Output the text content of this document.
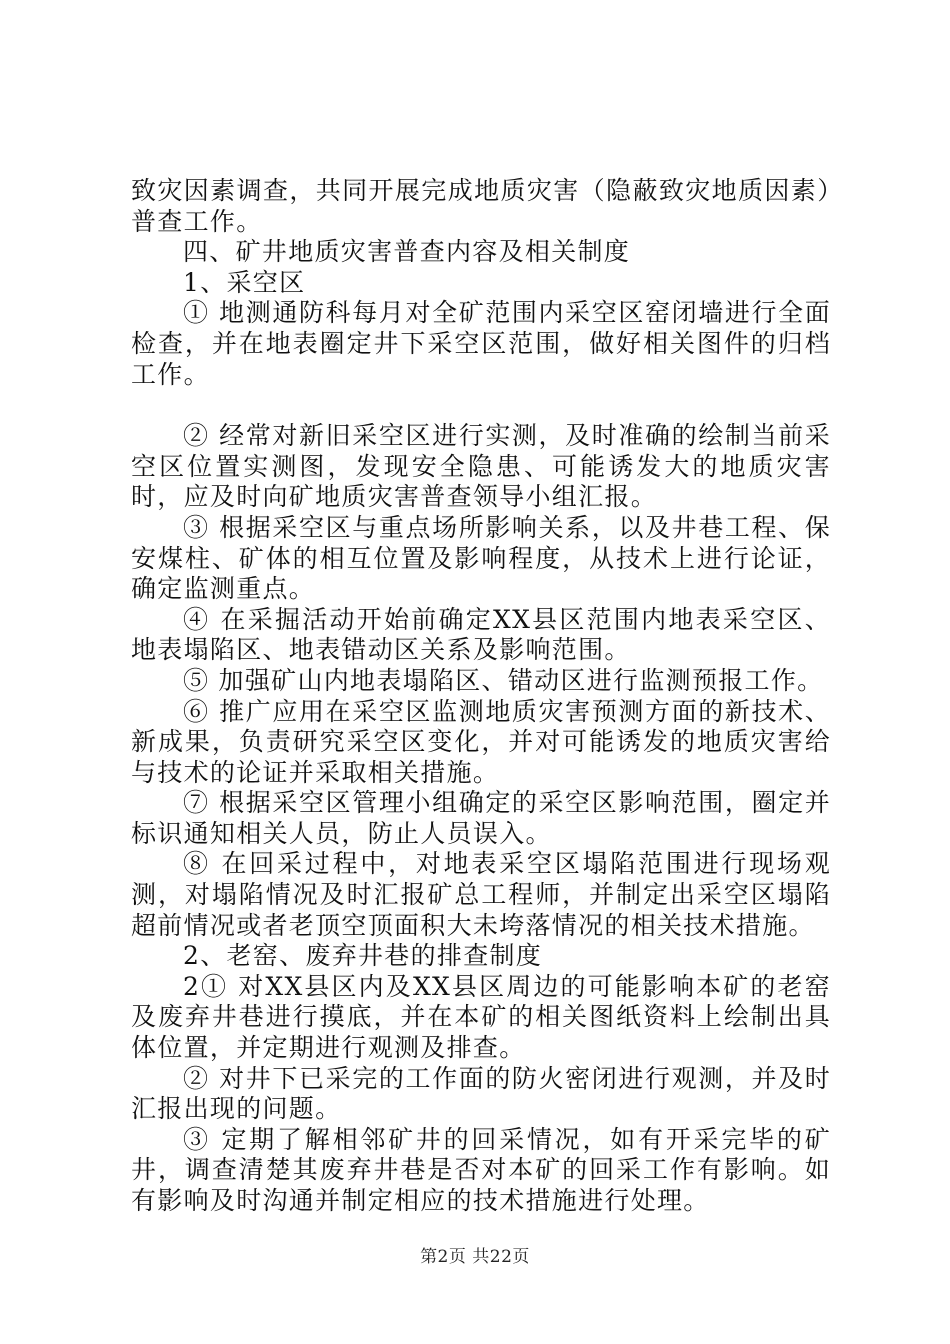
致灾因素调查，共同开展完成地质灾害（隐蔽致灾地质因素）普查工作。

四、矿井地质灾害普查内容及相关制度

1、采空区

① 地测通防科每月对全矿范围内采空区窑闭墙进行全面检查，并在地表圈定井下采空区范围，做好相关图件的归档工作。

② 经常对新旧采空区进行实测，及时准确的绘制当前采空区位置实测图，发现安全隐患、可能诱发大的地质灾害时，应及时向矿地质灾害普查领导小组汇报。

③ 根据采空区与重点场所影响关系，以及井巷工程、保安煤柱、矿体的相互位置及影响程度，从技术上进行论证，确定监测重点。

④ 在采掘活动开始前确定XX县区范围内地表采空区、地表塌陷区、地表错动区关系及影响范围。

⑤ 加强矿山内地表塌陷区、错动区进行监测预报工作。

⑥ 推广应用在采空区监测地质灾害预测方面的新技术、新成果，负责研究采空区变化，并对可能诱发的地质灾害给与技术的论证并采取相关措施。

⑦ 根据采空区管理小组确定的采空区影响范围，圈定并标识通知相关人员，防止人员误入。

⑧ 在回采过程中，对地表采空区塌陷范围进行现场观测，对塌陷情况及时汇报矿总工程师，并制定出采空区塌陷超前情况或者老顶空顶面积大未垮落情况的相关技术措施。

2、老窑、废弃井巷的排查制度

2① 对XX县区内及XX县区周边的可能影响本矿的老窑及废弃井巷进行摸底，并在本矿的相关图纸资料上绘制出具体位置，并定期进行观测及排查。

② 对井下已采完的工作面的防火密闭进行观测，并及时汇报出现的问题。

③ 定期了解相邻矿井的回采情况，如有开采完毕的矿井，调查清楚其废弃井巷是否对本矿的回采工作有影响。如有影响及时沟通并制定相应的技术措施进行处理。

第2页 共22页
